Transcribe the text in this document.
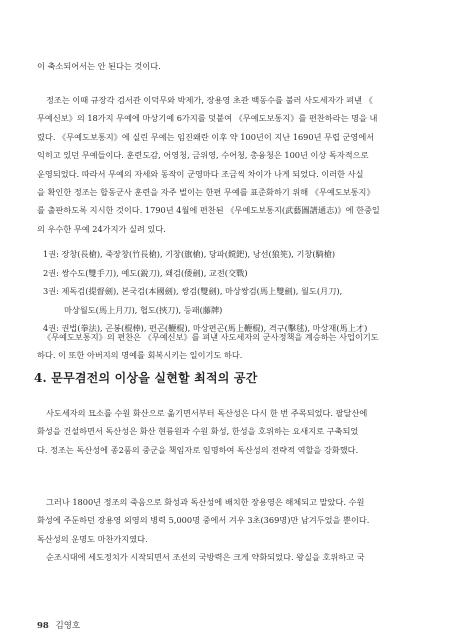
이 축소되어서는 안 된다는 것이다.

정조는 이때 규장각 검서관 이덕무와 박제가, 장용영 초관 백동수를 불러 사도세자가 펴낸 《
무예신보》의 18가지 무예에 마상기예 6가지를 덧붙여 《무예도보통지》를 편찬하라는 명을 내
렸다. 《무예도보통지》에 실린 무예는 임진왜란 이후 약 100년이 지난 1690년 무렵 군영에서
익히고 있던 무예들이다. 훈련도감, 어영청, 금위영, 수어청, 총융청은 100년 이상 독자적으로
운영되었다. 따라서 무예의 자세와 동작이 군영마다 조금씩 차이가 나게 되었다. 이러한 사실
을 확인한 정조는 합동군사 훈련을 자주 벌이는 한편 무예를 표준화하기 위해 《무예도보통지》
를 출판하도록 지시한 것이다. 1790년 4월에 편찬된 《무예도보통지(武藝圖譜通志)》에 한중일
의 우수한 무예 24가지가 실려 있다.

1권: 장창(長槍), 죽장창(竹長槍), 기창(旗槍), 당파(鎲鈀), 낭선(狼筅), 기창(騎槍)
2권: 쌍수도(雙手刀), 예도(銳刀), 왜검(倭劍), 교전(交戰)
3권: 제독검(提督劍), 본국검(本國劍), 쌍검(雙劍), 마상쌍검(馬上雙劍), 월도(月刀),
마상월도(馬上月刀), 협도(挾刀), 등패(藤牌)
4권: 권법(拳法), 곤봉(棍棒), 편곤(鞭棍), 마상편곤(馬上鞭棍), 격구(擊毬), 마상재(馬上才)

《무예도보통지》의 편찬은 《무예신보》를 펴낸 사도세자의 군사정책을 계승하는 사업이기도
하다. 이 또한 아버지의 명예를 회복시키는 일이기도 하다.

4. 문무겸전의 이상을 실현할 최적의 공간

사도세자의 묘소를 수원 화산으로 옮기면서부터 독산성은 다시 한 번 주목되었다. 팔달산에
화성을 건설하면서 독산성은 화산 현륭원과 수원 화성, 한성을 호위하는 요새지로 구축되었
다. 정조는 독산성에 종2품의 중군을 책임자로 임명하여 독산성의 전략적 역할을 강화했다.

그러나 1800년 정조의 죽음으로 화성과 독산성에 배치한 장용영은 해체되고 말았다. 수원
화성에 주둔하던 장용영 외영의 병력 5,000명 중에서 겨우 3초(369명)만 남겨두었을 뿐이다.
독산성의 운명도 마찬가지였다.
순조시대에 세도정치가 시작되면서 조선의 국방력은 크게 약화되었다. 왕실을 호위하고 국

98 김영호
